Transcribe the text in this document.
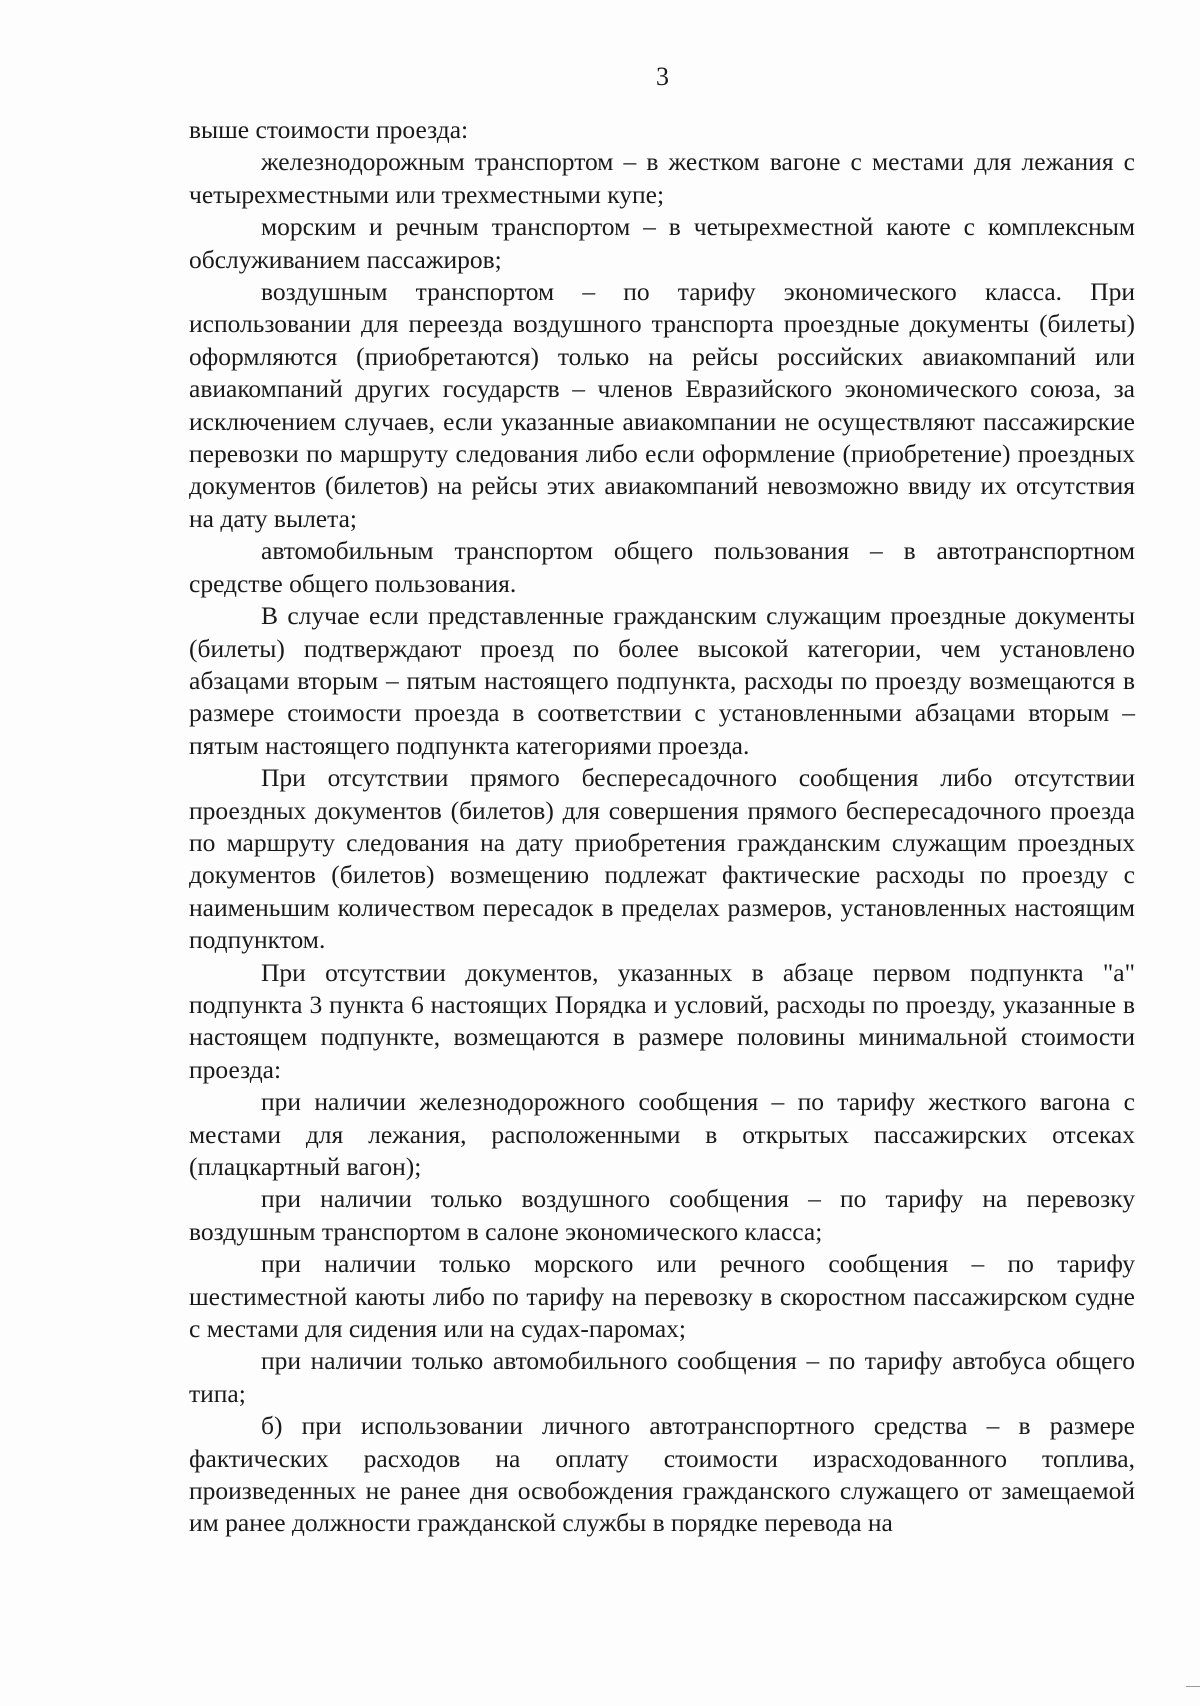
3

выше стоимости проезда:

железнодорожным транспортом – в жестком вагоне с местами для лежания с четырехместными или трехместными купе;

морским и речным транспортом – в четырехместной каюте с комплексным обслуживанием пассажиров;

воздушным транспортом – по тарифу экономического класса. При использовании для переезда воздушного транспорта проездные документы (билеты) оформляются (приобретаются) только на рейсы российских авиакомпаний или авиакомпаний других государств – членов Евразийского экономического союза, за исключением случаев, если указанные авиакомпании не осуществляют пассажирские перевозки по маршруту следования либо если оформление (приобретение) проездных документов (билетов) на рейсы этих авиакомпаний невозможно ввиду их отсутствия на дату вылета;

автомобильным транспортом общего пользования – в автотранспортном средстве общего пользования.

В случае если представленные гражданским служащим проездные документы (билеты) подтверждают проезд по более высокой категории, чем установлено абзацами вторым – пятым настоящего подпункта, расходы по проезду возмещаются в размере стоимости проезда в соответствии с установленными абзацами вторым – пятым настоящего подпункта категориями проезда.

При отсутствии прямого беспересадочного сообщения либо отсутствии проездных документов (билетов) для совершения прямого беспересадочного проезда по маршруту следования на дату приобретения гражданским служащим проездных документов (билетов) возмещению подлежат фактические расходы по проезду с наименьшим количеством пересадок в пределах размеров, установленных настоящим подпунктом.

При отсутствии документов, указанных в абзаце первом подпункта "а" подпункта 3 пункта 6 настоящих Порядка и условий, расходы по проезду, указанные в настоящем подпункте, возмещаются в размере половины минимальной стоимости проезда:

при наличии железнодорожного сообщения – по тарифу жесткого вагона с местами для лежания, расположенными в открытых пассажирских отсеках (плацкартный вагон);

при наличии только воздушного сообщения – по тарифу на перевозку воздушным транспортом в салоне экономического класса;

при наличии только морского или речного сообщения – по тарифу шестиместной каюты либо по тарифу на перевозку в скоростном пассажирском судне с местами для сидения или на судах-паромах;

при наличии только автомобильного сообщения – по тарифу автобуса общего типа;

б) при использовании личного автотранспортного средства – в размере фактических расходов на оплату стоимости израсходованного топлива, произведенных не ранее дня освобождения гражданского служащего от замещаемой им ранее должности гражданской службы в порядке перевода на
